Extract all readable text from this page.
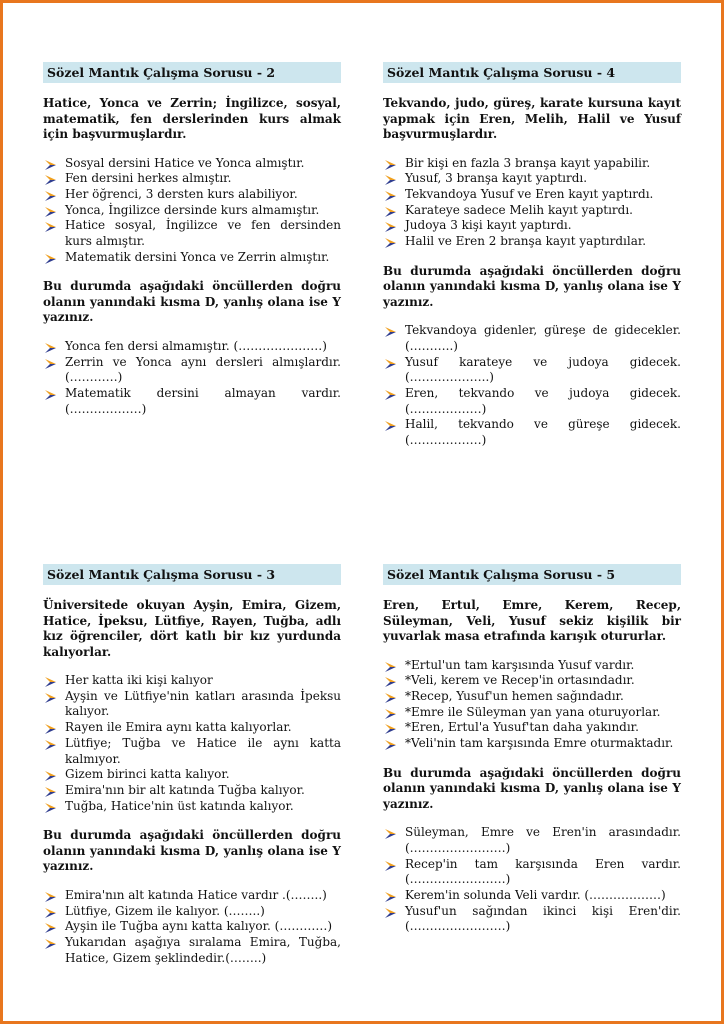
Sözel Mantık Çalışma Sorusu - 2
Hatice, Yonca ve Zerrin; İngilizce, sosyal, matematik, fen derslerinden kurs almak için başvurmuşlardır.
Sosyal dersini Hatice ve Yonca almıştır.
Fen dersini herkes almıştır.
Her öğrenci, 3 dersten kurs alabiliyor.
Yonca, İngilizce dersinde kurs almamıştır.
Hatice sosyal, İngilizce ve fen dersinden kurs almıştır.
Matematik dersini Yonca ve Zerrin almıştır.
Bu durumda aşağıdaki öncüllerden doğru olanın yanındaki kısma D, yanlış olana ise Y yazınız.
Yonca fen dersi almamıştır. (…………………)
Zerrin ve Yonca aynı dersleri almışlardır. (…………)
Matematik dersini almayan vardır. (………………)
Sözel Mantık Çalışma Sorusu - 4
Tekvando, judo, güreş, karate kursuna kayıt yapmak için Eren, Melih, Halil ve Yusuf başvurmuşlardır.
Bir kişi en fazla 3 branşa kayıt yapabilir.
Yusuf, 3 branşa kayıt yaptırdı.
Tekvandoya Yusuf ve Eren kayıt yaptırdı.
Karateye sadece Melih kayıt yaptırdı.
Judoya 3 kişi kayıt yaptırdı.
Halil ve Eren 2 branşa kayıt yaptırdılar.
Bu durumda aşağıdaki öncüllerden doğru olanın yanındaki kısma D, yanlış olana ise Y yazınız.
Tekvandoya gidenler, güreşe de gidecekler. (………..)
Yusuf karateye ve judoya gidecek. (………………..)
Eren, tekvando ve judoya gidecek. (………………)
Halil, tekvando ve güreşe gidecek. (………………)
Sözel Mantık Çalışma Sorusu - 3
Üniversitede okuyan Ayşin, Emira, Gizem, Hatice, İpeksu, Lütfiye, Rayen, Tuğba, adlı kız öğrenciler, dört katlı bir kız yurdunda kalıyorlar.
Her katta iki kişi kalıyor
Ayşin ve Lütfiye'nin katları arasında İpeksu kalıyor.
Rayen ile Emira aynı katta kalıyorlar.
Lütfiye; Tuğba ve Hatice ile aynı katta kalmıyor.
Gizem birinci katta kalıyor.
Emira'nın bir alt katında Tuğba kalıyor.
Tuğba, Hatice'nin üst katında kalıyor.
Bu durumda aşağıdaki öncüllerden doğru olanın yanındaki kısma D, yanlış olana ise Y yazınız.
Emira'nın alt katında Hatice vardır .(……..)
Lütfiye, Gizem ile kalıyor. (……..)
Ayşin ile Tuğba aynı katta kalıyor. (…………)
Yukarıdan aşağıya sıralama Emira, Tuğba, Hatice, Gizem şeklindedir.(……..)
Sözel Mantık Çalışma Sorusu - 5
Eren, Ertul, Emre, Kerem, Recep, Süleyman, Veli, Yusuf sekiz kişilik bir yuvarlak masa etrafında karışık otururlar.
*Ertul'un tam karşısında Yusuf vardır.
*Veli, kerem ve Recep'in ortasındadır.
*Recep, Yusuf'un hemen sağındadır.
*Emre ile Süleyman yan yana oturuyorlar.
*Eren, Ertul'a Yusuf'tan daha yakındır.
*Veli'nin tam karşısında Emre oturmaktadır.
Bu durumda aşağıdaki öncüllerden doğru olanın yanındaki kısma D, yanlış olana ise Y yazınız.
Süleyman, Emre ve Eren'in arasındadır.(……………………)
Recep'in tam karşısında Eren vardır. (……………………)
Kerem'in solunda Veli vardır. (………………)
Yusuf'un sağından ikinci kişi Eren'dir. (……………………)
